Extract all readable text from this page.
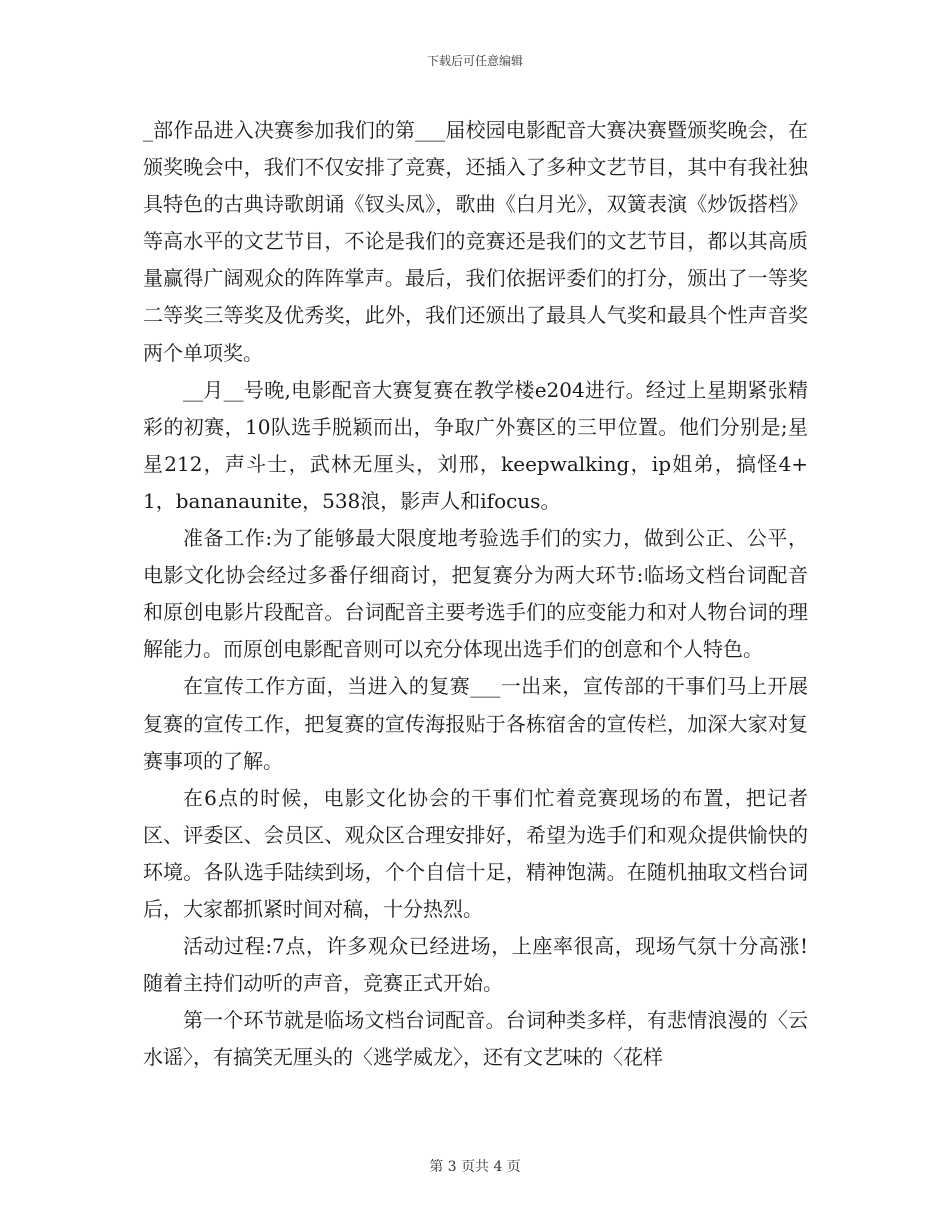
下载后可任意编辑

_部作品进入决赛参加我们的第___届校园电影配音大赛决赛暨颁奖晚会，在颁奖晚会中，我们不仅安排了竞赛，还插入了多种文艺节目，其中有我社独具特色的古典诗歌朗诵《钗头凤》，歌曲《白月光》，双簧表演《炒饭搭档》等高水平的文艺节目，不论是我们的竞赛还是我们的文艺节目，都以其高质量赢得广阔观众的阵阵掌声。最后，我们依据评委们的打分，颁出了一等奖二等奖三等奖及优秀奖，此外，我们还颁出了最具人气奖和最具个性声音奖两个单项奖。

__月__号晚,电影配音大赛复赛在教学楼e204进行。经过上星期紧张精彩的初赛，10队选手脱颖而出，争取广外赛区的三甲位置。他们分别是;星星212，声斗士，武林无厘头，刘邢，keepwalking，ip姐弟，搞怪4+1，bananaunite，538浪，影声人和ifocus。

准备工作:为了能够最大限度地考验选手们的实力，做到公正、公平，电影文化协会经过多番仔细商讨，把复赛分为两大环节:临场文档台词配音和原创电影片段配音。台词配音主要考选手们的应变能力和对人物台词的理解能力。而原创电影配音则可以充分体现出选手们的创意和个人特色。

在宣传工作方面，当进入的复赛___一出来，宣传部的干事们马上开展复赛的宣传工作，把复赛的宣传海报贴于各栋宿舍的宣传栏，加深大家对复赛事项的了解。

在6点的时候，电影文化协会的干事们忙着竞赛现场的布置，把记者区、评委区、会员区、观众区合理安排好，希望为选手们和观众提供愉快的环境。各队选手陆续到场，个个自信十足，精神饱满。在随机抽取文档台词后，大家都抓紧时间对稿，十分热烈。

活动过程:7点，许多观众已经进场，上座率很高，现场气氛十分高涨!随着主持们动听的声音，竞赛正式开始。

第一个环节就是临场文档台词配音。台词种类多样，有悲情浪漫的〈云水谣〉，有搞笑无厘头的〈逃学威龙〉，还有文艺味的〈花样

第 3 页共 4 页
